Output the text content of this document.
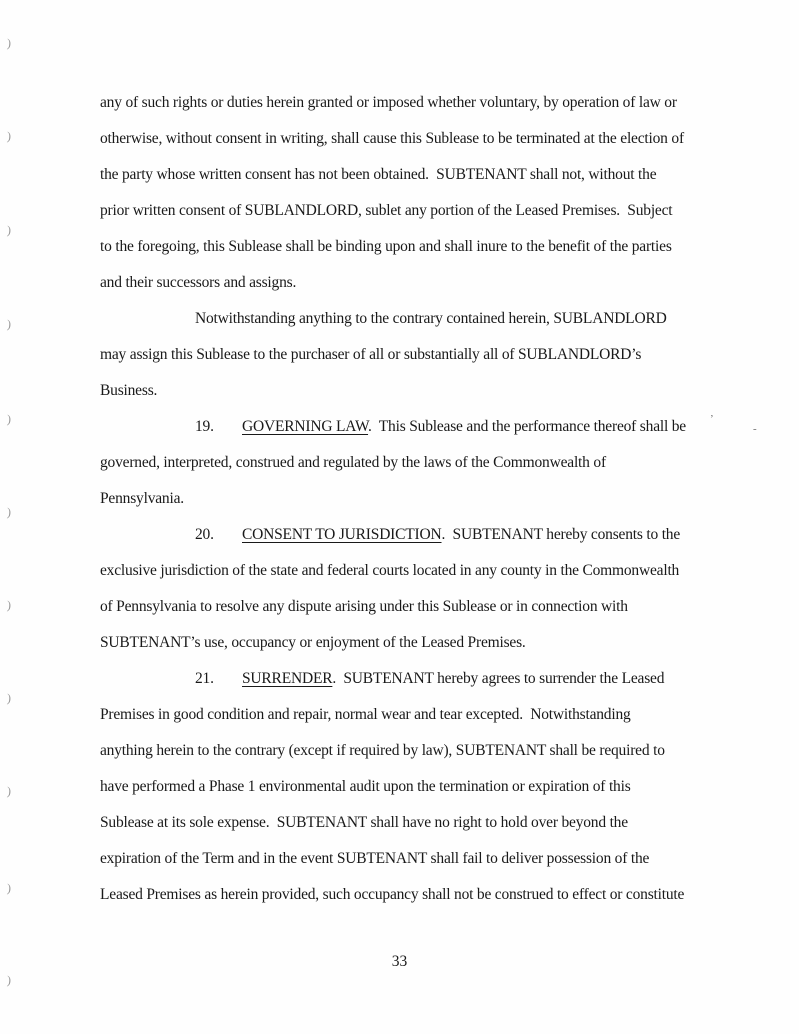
any of such rights or duties herein granted or imposed whether voluntary, by operation of law or
otherwise, without consent in writing, shall cause this Sublease to be terminated at the election of
the party whose written consent has not been obtained.  SUBTENANT shall not, without the
prior written consent of SUBLANDLORD, sublet any portion of the Leased Premises.  Subject
to the foregoing, this Sublease shall be binding upon and shall inure to the benefit of the parties
and their successors and assigns.
Notwithstanding anything to the contrary contained herein, SUBLANDLORD
may assign this Sublease to the purchaser of all or substantially all of SUBLANDLORD’s
Business.
19. GOVERNING LAW.  This Sublease and the performance thereof shall be
governed, interpreted, construed and regulated by the laws of the Commonwealth of
Pennsylvania.
20. CONSENT TO JURISDICTION.  SUBTENANT hereby consents to the
exclusive jurisdiction of the state and federal courts located in any county in the Commonwealth
of Pennsylvania to resolve any dispute arising under this Sublease or in connection with
SUBTENANT’s use, occupancy or enjoyment of the Leased Premises.
21. SURRENDER.  SUBTENANT hereby agrees to surrender the Leased
Premises in good condition and repair, normal wear and tear excepted.  Notwithstanding
anything herein to the contrary (except if required by law), SUBTENANT shall be required to
have performed a Phase 1 environmental audit upon the termination or expiration of this
Sublease at its sole expense.  SUBTENANT shall have no right to hold over beyond the
expiration of the Term and in the event SUBTENANT shall fail to deliver possession of the
Leased Premises as herein provided, such occupancy shall not be construed to effect or constitute
33
)
)
)
)
)
)
)
)
)
)
)
’
-
